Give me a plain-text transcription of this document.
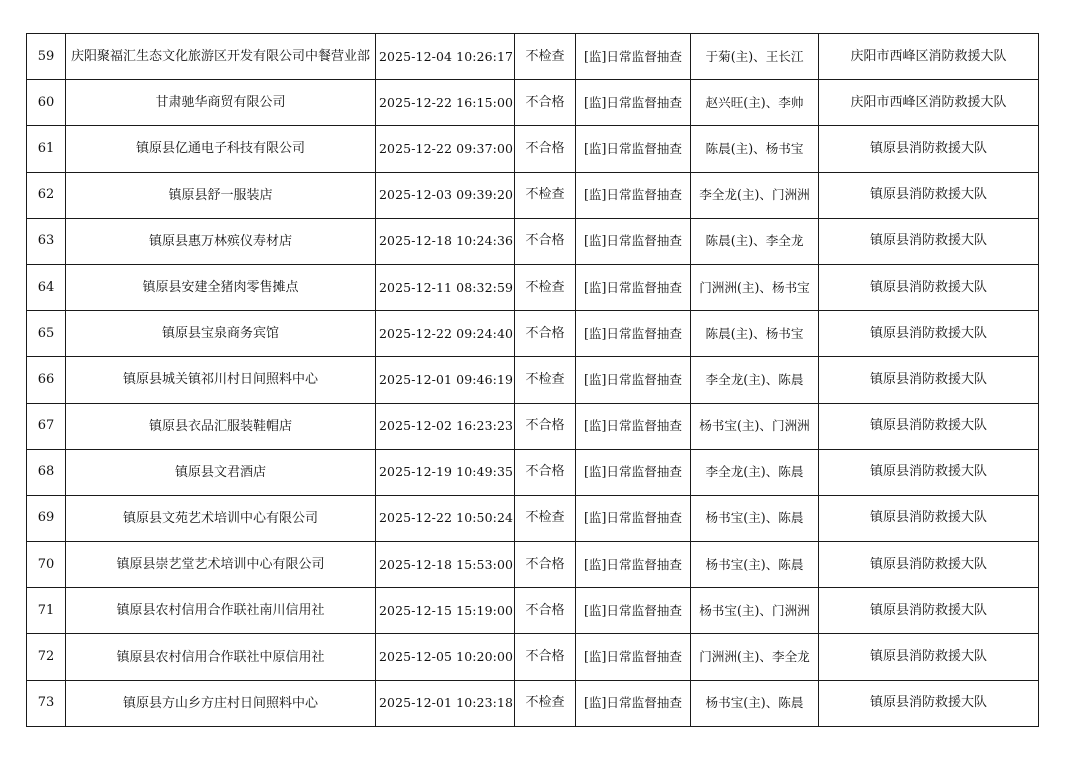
59	庆阳聚福汇生态文化旅游区开发有限公司中餐营业部	2025-12-04 10:26:17	不检查	[监]日常监督抽查	于菊(主)、王长江	庆阳市西峰区消防救援大队
60	甘肃驰华商贸有限公司	2025-12-22 16:15:00	不合格	[监]日常监督抽查	赵兴旺(主)、李帅	庆阳市西峰区消防救援大队
61	镇原县亿通电子科技有限公司	2025-12-22 09:37:00	不合格	[监]日常监督抽查	陈晨(主)、杨书宝	镇原县消防救援大队
62	镇原县舒一服装店	2025-12-03 09:39:20	不检查	[监]日常监督抽查	李全龙(主)、门洲洲	镇原县消防救援大队
63	镇原县惠万林殡仪寿材店	2025-12-18 10:24:36	不合格	[监]日常监督抽查	陈晨(主)、李全龙	镇原县消防救援大队
64	镇原县安建全猪肉零售摊点	2025-12-11 08:32:59	不检查	[监]日常监督抽查	门洲洲(主)、杨书宝	镇原县消防救援大队
65	镇原县宝泉商务宾馆	2025-12-22 09:24:40	不合格	[监]日常监督抽查	陈晨(主)、杨书宝	镇原县消防救援大队
66	镇原县城关镇祁川村日间照料中心	2025-12-01 09:46:19	不检查	[监]日常监督抽查	李全龙(主)、陈晨	镇原县消防救援大队
67	镇原县衣品汇服装鞋帽店	2025-12-02 16:23:23	不合格	[监]日常监督抽查	杨书宝(主)、门洲洲	镇原县消防救援大队
68	镇原县文君酒店	2025-12-19 10:49:35	不合格	[监]日常监督抽查	李全龙(主)、陈晨	镇原县消防救援大队
69	镇原县文苑艺术培训中心有限公司	2025-12-22 10:50:24	不检查	[监]日常监督抽查	杨书宝(主)、陈晨	镇原县消防救援大队
70	镇原县崇艺堂艺术培训中心有限公司	2025-12-18 15:53:00	不合格	[监]日常监督抽查	杨书宝(主)、陈晨	镇原县消防救援大队
71	镇原县农村信用合作联社南川信用社	2025-12-15 15:19:00	不合格	[监]日常监督抽查	杨书宝(主)、门洲洲	镇原县消防救援大队
72	镇原县农村信用合作联社中原信用社	2025-12-05 10:20:00	不合格	[监]日常监督抽查	门洲洲(主)、李全龙	镇原县消防救援大队
73	镇原县方山乡方庄村日间照料中心	2025-12-01 10:23:18	不检查	[监]日常监督抽查	杨书宝(主)、陈晨	镇原县消防救援大队
